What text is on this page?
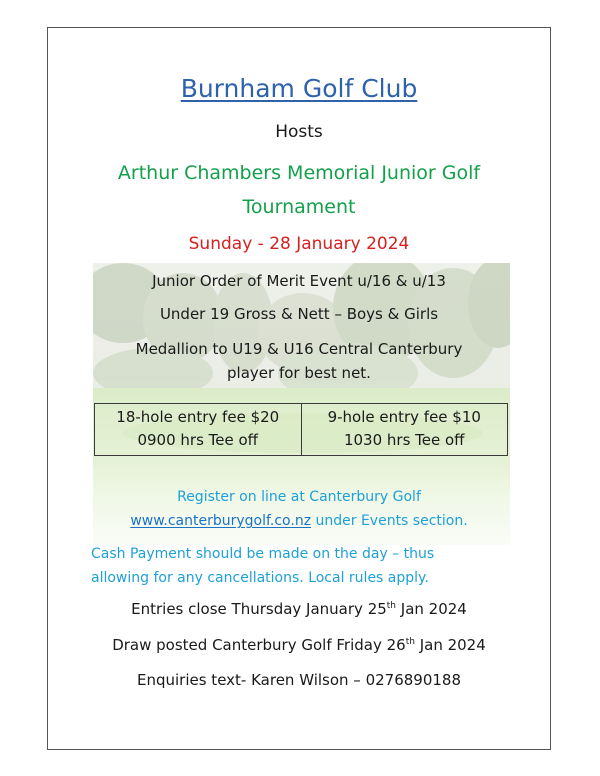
Burnham Golf Club
Hosts
Arthur Chambers Memorial Junior Golf
Tournament
Sunday - 28 January 2024
Junior Order of Merit Event u/16 & u/13
Under 19 Gross & Nett – Boys & Girls
Medallion to U19 & U16 Central Canterbury
player for best net.
18-hole entry fee $20
0900 hrs Tee off
9-hole entry fee $10
1030 hrs Tee off
Register on line at Canterbury Golf
www.canterburygolf.co.nz under Events section.
Cash Payment should be made on the day – thus
allowing for any cancellations. Local rules apply.
Entries close Thursday January 25th Jan 2024
Draw posted Canterbury Golf Friday 26th Jan 2024
Enquiries text- Karen Wilson – 0276890188
